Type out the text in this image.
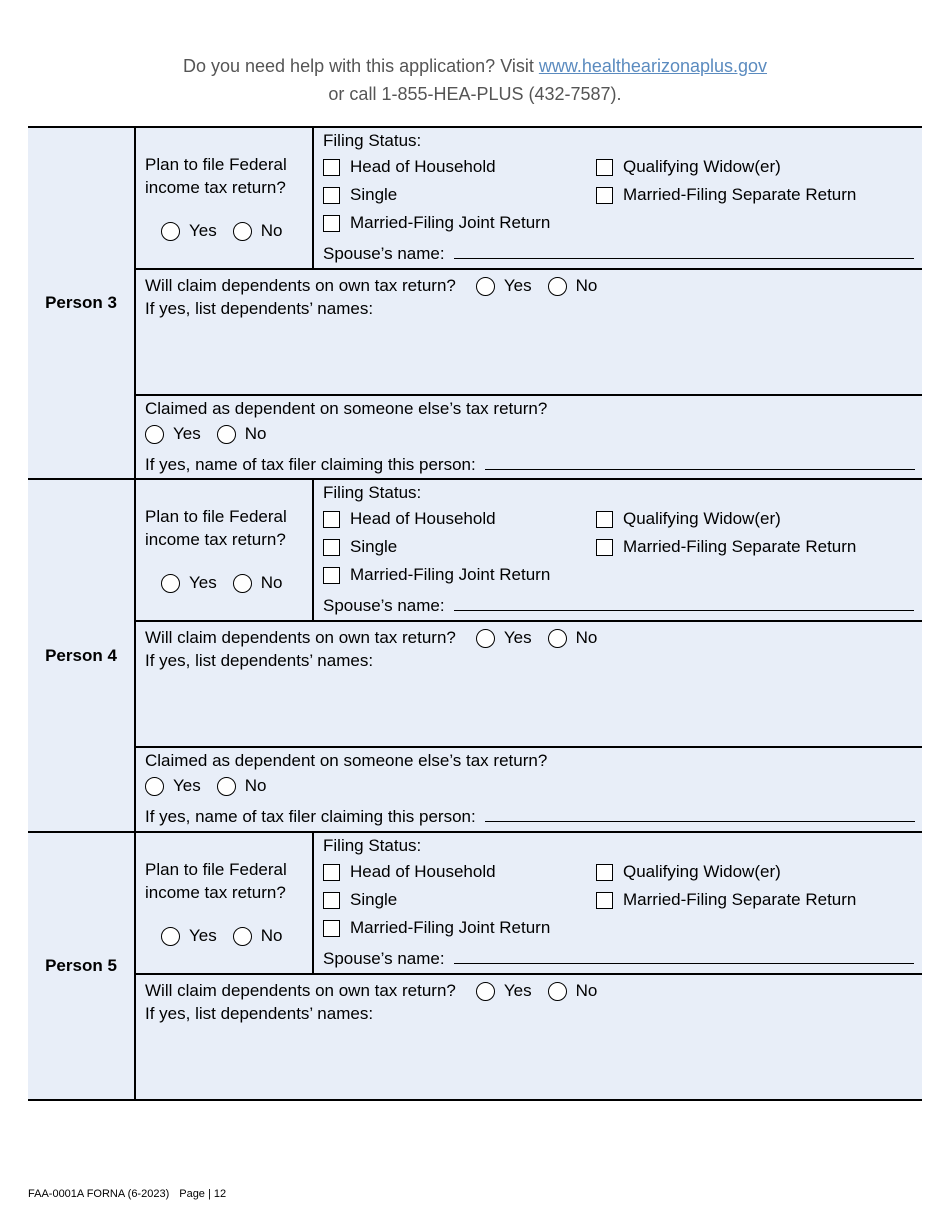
Do you need help with this application? Visit www.healthearizonaplus.gov
or call 1-855-HEA-PLUS (432-7587).
Person 3
Plan to file Federal income tax return?
Yes	No
Filing Status:
Head of Household
Single
Married-Filing Joint Return
Qualifying Widow(er)
Married-Filing Separate Return
Spouse’s name:
Will claim dependents on own tax return?	Yes	No
If yes, list dependents’ names:
Claimed as dependent on someone else’s tax return?
Yes	No
If yes, name of tax filer claiming this person:
Person 4
Plan to file Federal income tax return?
Yes	No
Filing Status:
Head of Household
Single
Married-Filing Joint Return
Qualifying Widow(er)
Married-Filing Separate Return
Spouse’s name:
Will claim dependents on own tax return?	Yes	No
If yes, list dependents’ names:
Claimed as dependent on someone else’s tax return?
Yes	No
If yes, name of tax filer claiming this person:
Person 5
Plan to file Federal income tax return?
Yes	No
Filing Status:
Head of Household
Single
Married-Filing Joint Return
Qualifying Widow(er)
Married-Filing Separate Return
Spouse’s name:
Will claim dependents on own tax return?	Yes	No
If yes, list dependents’ names:
FAA-0001A FORNA (6-2023) Page | 12
